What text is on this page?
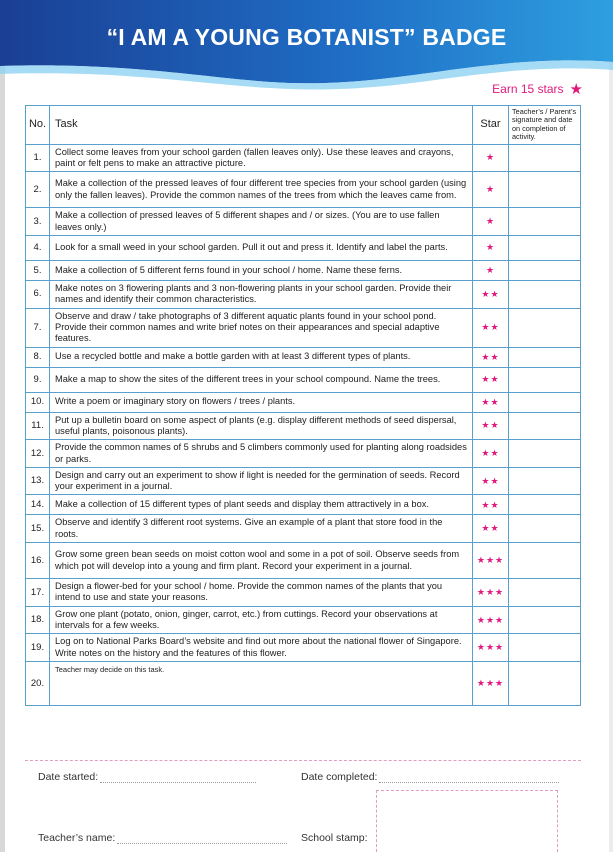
“I AM A YOUNG BOTANIST” BADGE
Earn 15 stars ★
No.	Task	Star	Teacher’s / Parent’s signature and date on completion of activity.
1.	Collect some leaves from your school garden (fallen leaves only). Use these leaves and crayons, paint or felt pens to make an attractive picture.	★	
2.	Make a collection of the pressed leaves of four different tree species from your school garden (using only the fallen leaves). Provide the common names of the trees from which the leaves came from.	★	
3.	Make a collection of pressed leaves of 5 different shapes and / or sizes. (You are to use fallen leaves only.)	★	
4.	Look for a small weed in your school garden. Pull it out and press it. Identify and label the parts.	★	
5.	Make a collection of 5 different ferns found in your school / home. Name these ferns.	★	
6.	Make notes on 3 flowering plants and 3 non-flowering plants in your school garden. Provide their names and identify their common characteristics.	★★	
7.	Observe and draw / take photographs of 3 different aquatic plants found in your school pond. Provide their common names and write brief notes on their appearances and special adaptive features.	★★	
8.	Use a recycled bottle and make a bottle garden with at least 3 different types of plants.	★★	
9.	Make a map to show the sites of the different trees in your school compound. Name the trees.	★★	
10.	Write a poem or imaginary story on flowers / trees / plants.	★★	
11.	Put up a bulletin board on some aspect of plants (e.g. display different methods of seed dispersal, useful plants, poisonous plants).	★★	
12.	Provide the common names of 5 shrubs and 5 climbers commonly used for planting along roadsides or parks.	★★	
13.	Design and carry out an experiment to show if light is needed for the germination of seeds. Record your experiment in a journal.	★★	
14.	Make a collection of 15 different types of plant seeds and display them attractively in a box.	★★	
15.	Observe and identify 3 different root systems. Give an example of a plant that store food in the roots.	★★	
16.	Grow some green bean seeds on moist cotton wool and some in a pot of soil. Observe seeds from which pot will develop into a young and firm plant. Record your experiment in a journal.	★★★	
17.	Design a flower-bed for your school / home. Provide the common names of the plants that you intend to use and state your reasons.	★★★	
18.	Grow one plant (potato, onion, ginger, carrot, etc.) from cuttings. Record your observations at intervals for a few weeks.	★★★	
19.	Log on to National Parks Board’s website and find out more about the national flower of Singapore. Write notes on the history and the features of this flower.	★★★	
20.	Teacher may decide on this task.	★★★	
Date started:	Date completed:
Teacher’s name:	School stamp:
